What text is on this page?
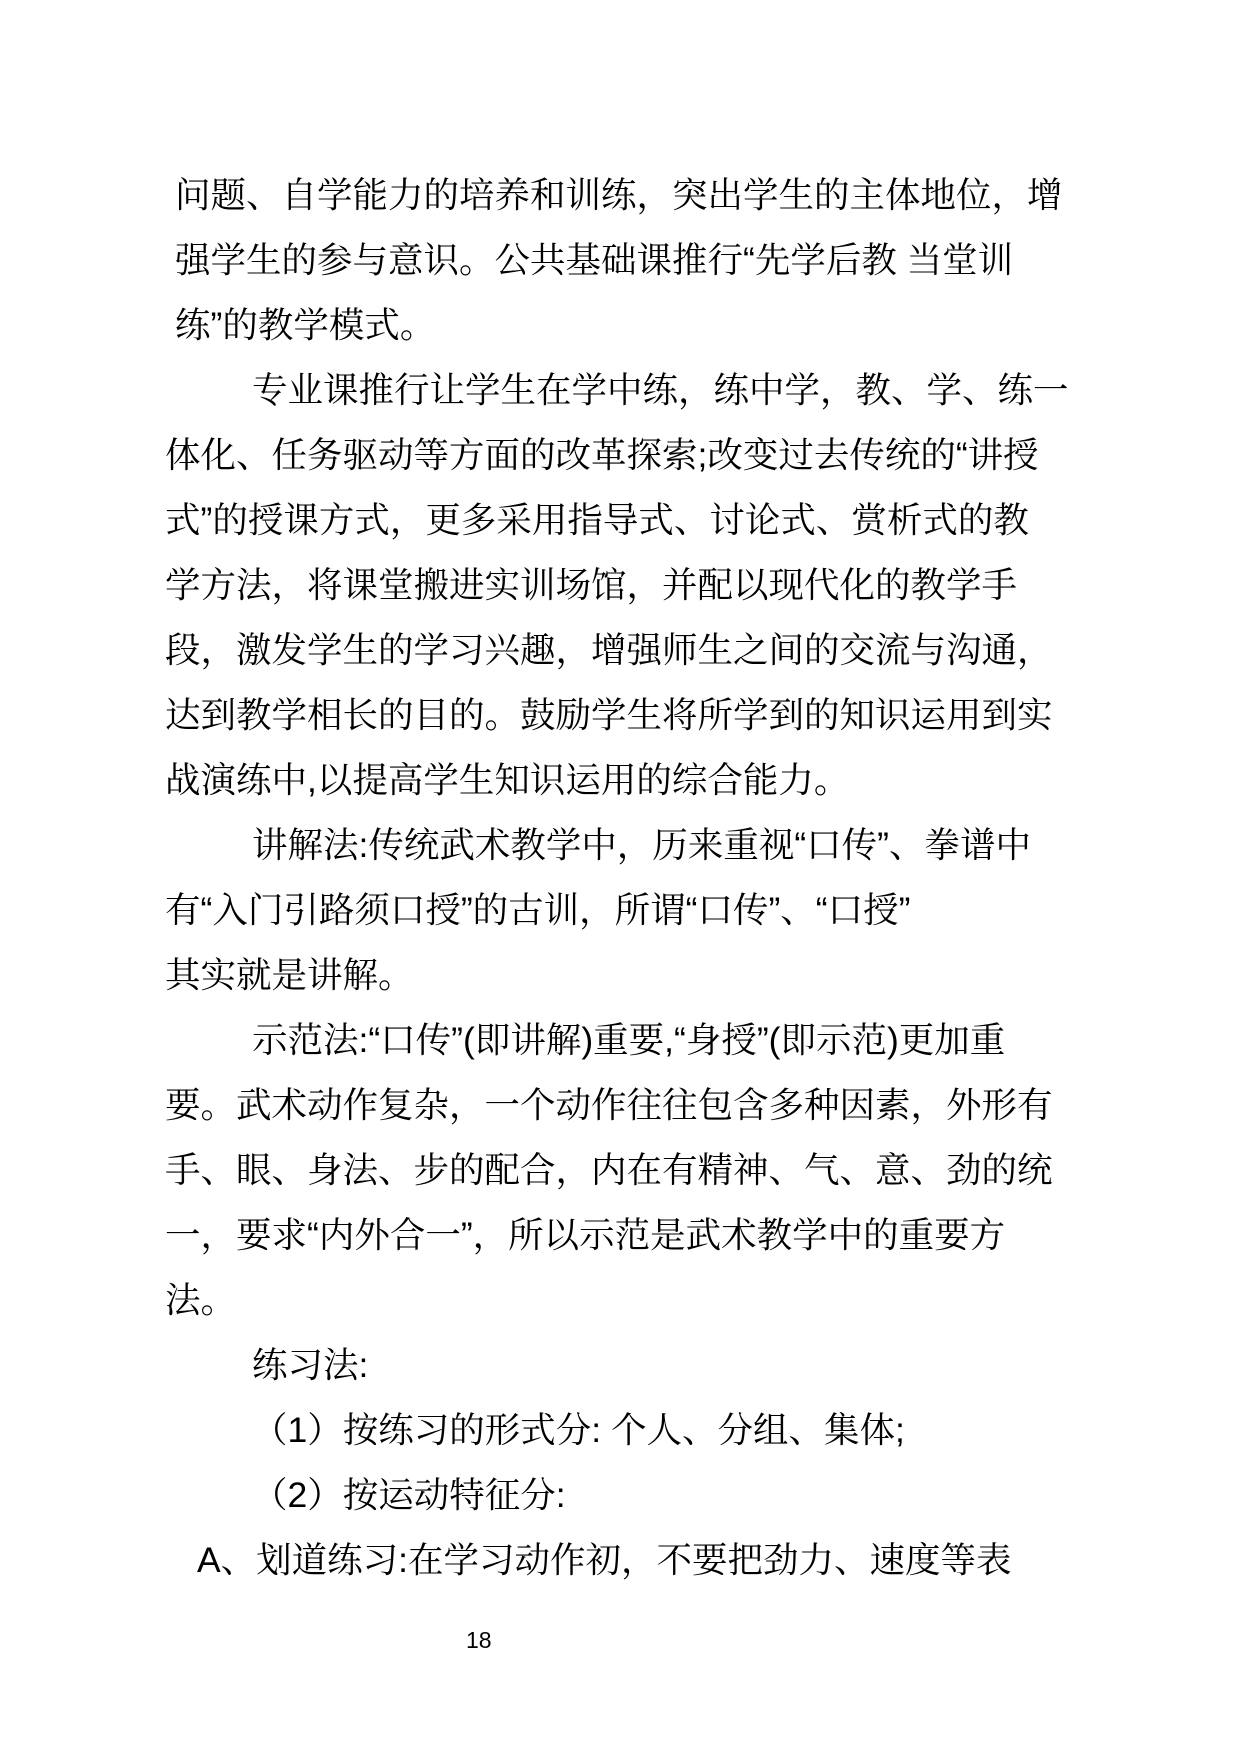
问题、自学能力的培养和训练，突出学生的主体地位，增
强学生的参与意识。公共基础课推行“先学后教 当堂训
练”的教学模式。
专业课推行让学生在学中练，练中学，教、学、练一
体化、任务驱动等方面的改革探索;改变过去传统的“讲授
式”的授课方式，更多采用指导式、讨论式、赏析式的教
学方法，将课堂搬进实训场馆，并配以现代化的教学手
段，激发学生的学习兴趣，增强师生之间的交流与沟通，
达到教学相长的目的。鼓励学生将所学到的知识运用到实
战演练中,以提高学生知识运用的综合能力。
讲解法:传统武术教学中，历来重视“口传”、拳谱中
有“入门引路须口授”的古训，所谓“口传”、“口授”
其实就是讲解。
示范法:“口传”(即讲解)重要,“身授”(即示范)更加重
要。武术动作复杂，一个动作往往包含多种因素，外形有
手、眼、身法、步的配合，内在有精神、气、意、劲的统
一，要求“内外合一”，所以示范是武术教学中的重要方
法。
练习法:
（1）按练习的形式分: 个人、分组、集体;
（2）按运动特征分:
A、划道练习:在学习动作初，不要把劲力、速度等表
18
